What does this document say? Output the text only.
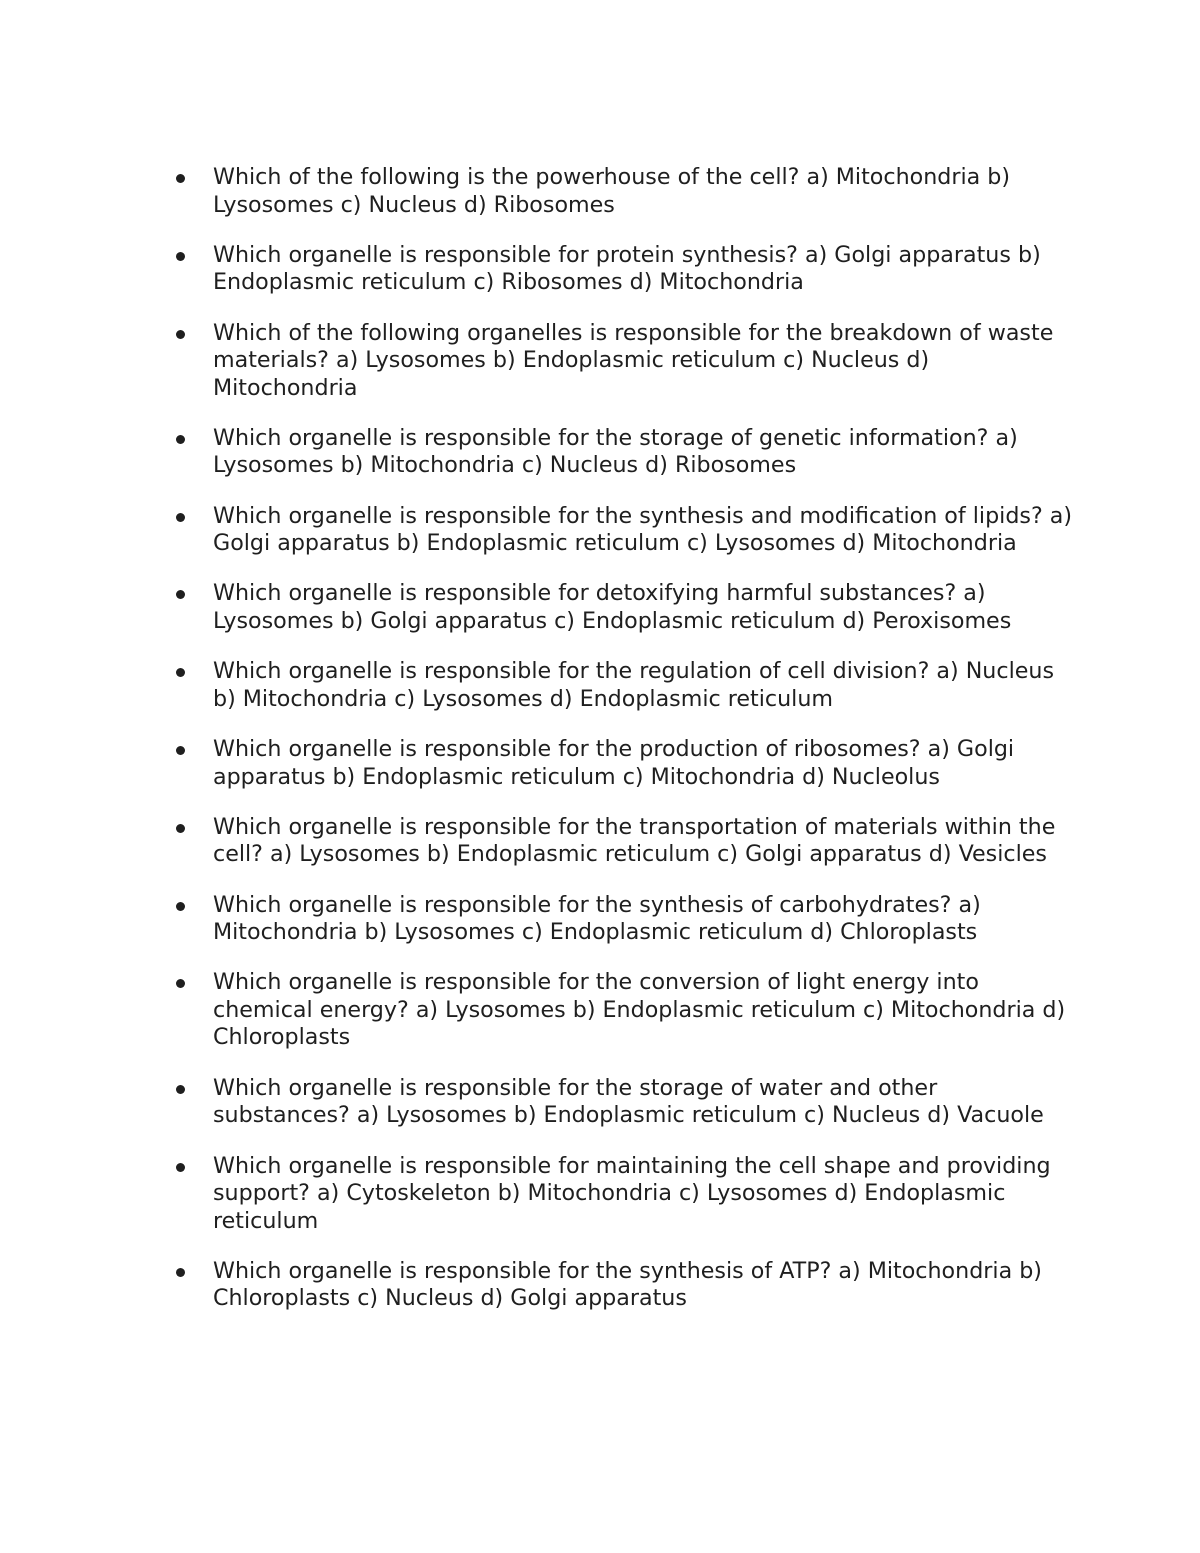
Which of the following is the powerhouse of the cell? a) Mitochondria b) Lysosomes c) Nucleus d) Ribosomes
Which organelle is responsible for protein synthesis? a) Golgi apparatus b) Endoplasmic reticulum c) Ribosomes d) Mitochondria
Which of the following organelles is responsible for the breakdown of waste materials? a) Lysosomes b) Endoplasmic reticulum c) Nucleus d) Mitochondria
Which organelle is responsible for the storage of genetic information? a) Lysosomes b) Mitochondria c) Nucleus d) Ribosomes
Which organelle is responsible for the synthesis and modification of lipids? a) Golgi apparatus b) Endoplasmic reticulum c) Lysosomes d) Mitochondria
Which organelle is responsible for detoxifying harmful substances? a) Lysosomes b) Golgi apparatus c) Endoplasmic reticulum d) Peroxisomes
Which organelle is responsible for the regulation of cell division? a) Nucleus b) Mitochondria c) Lysosomes d) Endoplasmic reticulum
Which organelle is responsible for the production of ribosomes? a) Golgi apparatus b) Endoplasmic reticulum c) Mitochondria d) Nucleolus
Which organelle is responsible for the transportation of materials within the cell? a) Lysosomes b) Endoplasmic reticulum c) Golgi apparatus d) Vesicles
Which organelle is responsible for the synthesis of carbohydrates? a) Mitochondria b) Lysosomes c) Endoplasmic reticulum d) Chloroplasts
Which organelle is responsible for the conversion of light energy into chemical energy? a) Lysosomes b) Endoplasmic reticulum c) Mitochondria d) Chloroplasts
Which organelle is responsible for the storage of water and other substances? a) Lysosomes b) Endoplasmic reticulum c) Nucleus d) Vacuole
Which organelle is responsible for maintaining the cell shape and providing support? a) Cytoskeleton b) Mitochondria c) Lysosomes d) Endoplasmic reticulum
Which organelle is responsible for the synthesis of ATP? a) Mitochondria b) Chloroplasts c) Nucleus d) Golgi apparatus
